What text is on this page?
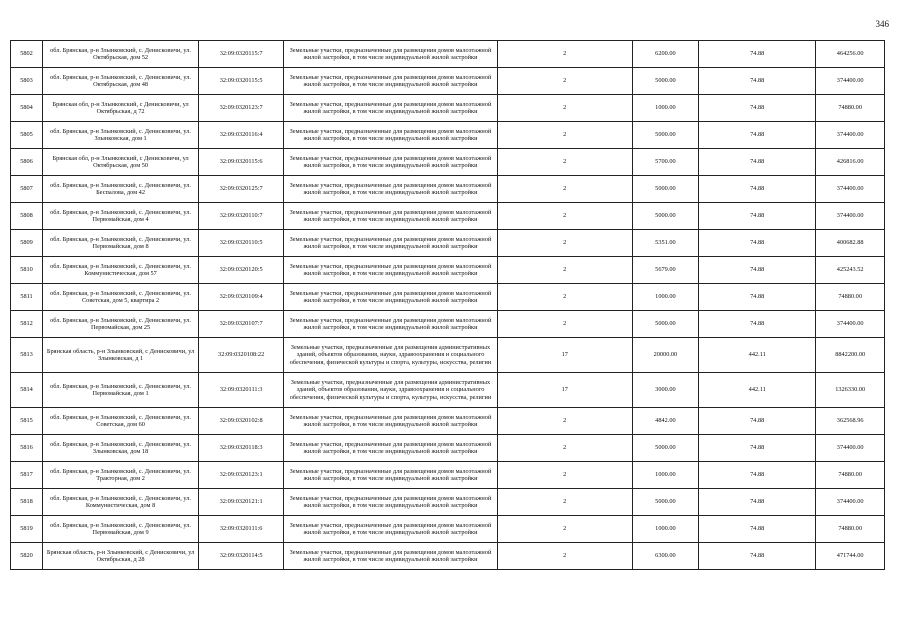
346
5802	обл. Брянская, р-н Злынковский, с. Денисковичи, ул. Октябрьская, дом 52	32:09:0320115:7	Земельные участки, предназначенные для размещения домов малоэтажной жилой застройки, в том числе индивидуальной жилой застройки	2	6200.00	74.88	464256.00
5803	обл. Брянская, р-н Злынковский, с. Денисковичи, ул. Октябрьская, дом 48	32:09:0320115:5	Земельные участки, предназначенные для размещения домов малоэтажной жилой застройки, в том числе индивидуальной жилой застройки	2	5000.00	74.88	374400.00
5804	Брянская обл, р-н Злынковский, с Денисковичи, ул Октябрьская, д 72	32:09:0320123:7	Земельные участки, предназначенные для размещения домов малоэтажной жилой застройки, в том числе индивидуальной жилой застройки	2	1000.00	74.88	74880.00
5805	обл. Брянская, р-н Злынковский, с. Денисковичи, ул. Злынковская, дом 1	32:09:0320116:4	Земельные участки, предназначенные для размещения домов малоэтажной жилой застройки, в том числе индивидуальной жилой застройки	2	5000.00	74.88	374400.00
5806	Брянская обл, р-н Злынковский, с Денисковичи, ул Октябрьская, дом 50	32:09:0320115:6	Земельные участки, предназначенные для размещения домов малоэтажной жилой застройки, в том числе индивидуальной жилой застройки	2	5700.00	74.88	426816.00
5807	обл. Брянская, р-н Злынковский, с. Денисковичи, ул. Беспалова, дом 42	32:09:0320125:7	Земельные участки, предназначенные для размещения домов малоэтажной жилой застройки, в том числе индивидуальной жилой застройки	2	5000.00	74.88	374400.00
5808	обл. Брянская, р-н Злынковский, с. Денисковичи, ул. Первомайская, дом 4	32:09:0320110:7	Земельные участки, предназначенные для размещения домов малоэтажной жилой застройки, в том числе индивидуальной жилой застройки	2	5000.00	74.88	374400.00
5809	обл. Брянская, р-н Злынковский, с. Денисковичи, ул. Первомайская, дом 8	32:09:0320110:5	Земельные участки, предназначенные для размещения домов малоэтажной жилой застройки, в том числе индивидуальной жилой застройки	2	5351.00	74.88	400682.88
5810	обл. Брянская, р-н Злынковский, с. Денисковичи, ул. Коммунистическая, дом 57	32:09:0320120:5	Земельные участки, предназначенные для размещения домов малоэтажной жилой застройки, в том числе индивидуальной жилой застройки	2	5679.00	74.88	425243.52
5811	обл. Брянская, р-н Злынковский, с. Денисковичи, ул. Советская, дом 5, квартира 2	32:09:0320109:4	Земельные участки, предназначенные для размещения домов малоэтажной жилой застройки, в том числе индивидуальной жилой застройки	2	1000.00	74.88	74880.00
5812	обл. Брянская, р-н Злынковский, с. Денисковичи, ул. Первомайская, дом 25	32:09:0320107:7	Земельные участки, предназначенные для размещения домов малоэтажной жилой застройки, в том числе индивидуальной жилой застройки	2	5000.00	74.88	374400.00
5813	Брянская область, р-н Злынковский, с Денисковичи, ул Злынковская, д 1	32:09:0320108:22	Земельные участки, предназначенные для размещения административных зданий, объектов образования, науки, здравоохранения и социального обеспечения, физической культуры и спорта, культуры, искусства, религии	17	20000.00	442.11	8842200.00
5814	обл. Брянская, р-н Злынковский, с. Денисковичи, ул. Первомайская, дом 1	32:09:0320111:3	Земельные участки, предназначенные для размещения административных зданий, объектов образования, науки, здравоохранения и социального обеспечения, физической культуры и спорта, культуры, искусства, религии	17	3000.00	442.11	1326330.00
5815	обл. Брянская, р-н Злынковский, с. Денисковичи, ул. Советская, дом 60	32:09:0320102:8	Земельные участки, предназначенные для размещения домов малоэтажной жилой застройки, в том числе индивидуальной жилой застройки	2	4842.00	74.88	362568.96
5816	обл. Брянская, р-н Злынковский, с. Денисковичи, ул. Злынковская, дом 18	32:09:0320118:3	Земельные участки, предназначенные для размещения домов малоэтажной жилой застройки, в том числе индивидуальной жилой застройки	2	5000.00	74.88	374400.00
5817	обл. Брянская, р-н Злынковский, с. Денисковичи, ул. Тракторная, дом 2	32:09:0320123:1	Земельные участки, предназначенные для размещения домов малоэтажной жилой застройки, в том числе индивидуальной жилой застройки	2	1000.00	74.88	74880.00
5818	обл. Брянская, р-н Злынковский, с. Денисковичи, ул. Коммунистическая, дом 8	32:09:0320121:1	Земельные участки, предназначенные для размещения домов малоэтажной жилой застройки, в том числе индивидуальной жилой застройки	2	5000.00	74.88	374400.00
5819	обл. Брянская, р-н Злынковский, с. Денисковичи, ул. Первомайская, дом 9	32:09:0320111:6	Земельные участки, предназначенные для размещения домов малоэтажной жилой застройки, в том числе индивидуальной жилой застройки	2	1000.00	74.88	74880.00
5820	Брянская область, р-н Злынковский, с Денисковичи, ул Октябрьская, д 28	32:09:0320114:5	Земельные участки, предназначенные для размещения домов малоэтажной жилой застройки, в том числе индивидуальной жилой застройки	2	6300.00	74.88	471744.00
